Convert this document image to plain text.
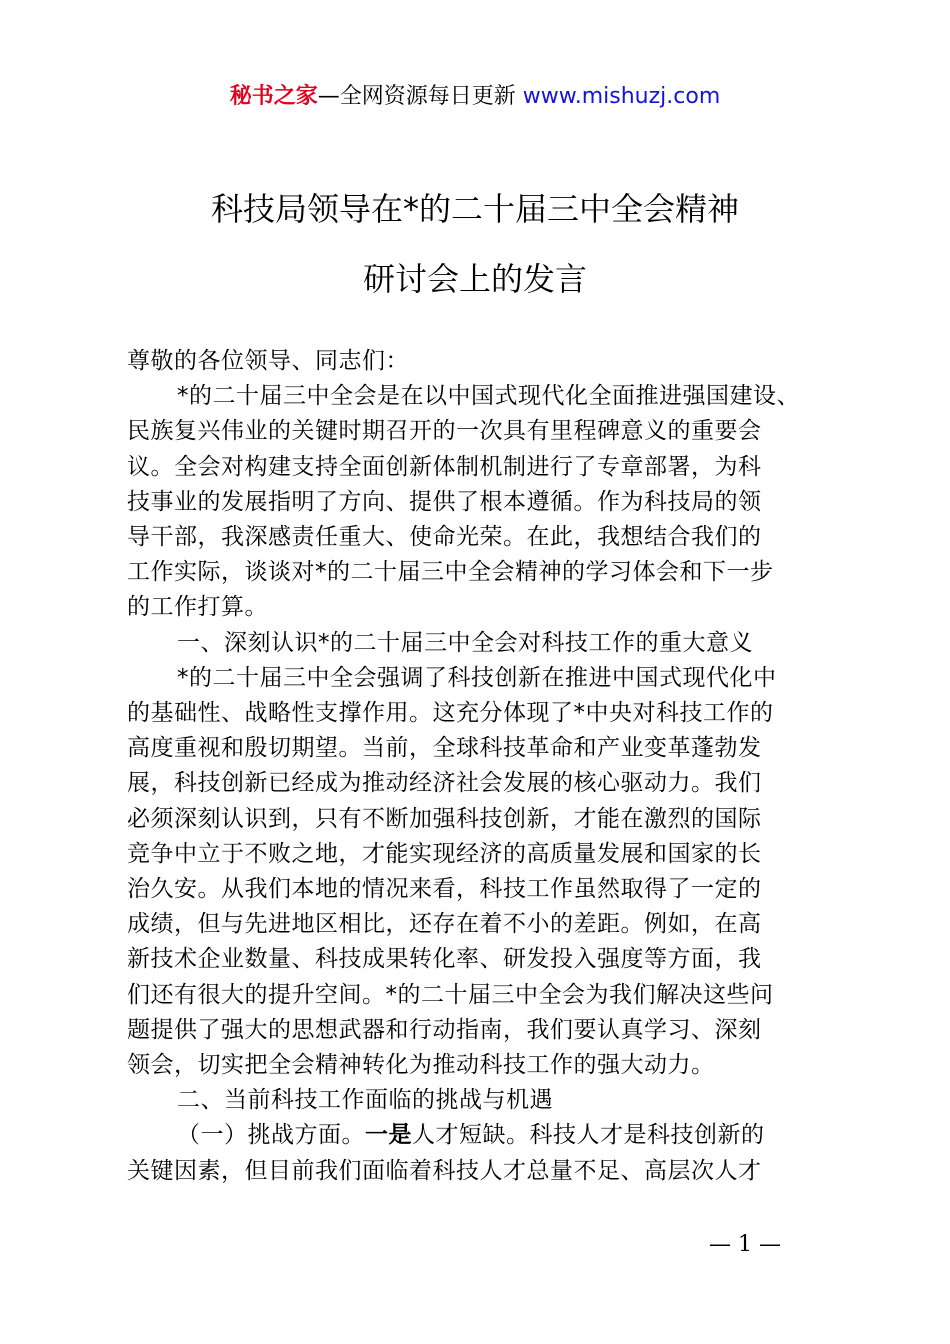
秘书之家—全网资源每日更新 www.mishuzj.com
科技局领导在*的二十届三中全会精神
研讨会上的发言

尊敬的各位领导、同志们：

*的二十届三中全会是在以中国式现代化全面推进强国建设、

民族复兴伟业的关键时期召开的一次具有里程碑意义的重要会

议。全会对构建支持全面创新体制机制进行了专章部署，为科

技事业的发展指明了方向、提供了根本遵循。作为科技局的领

导干部，我深感责任重大、使命光荣。在此，我想结合我们的

工作实际，谈谈对*的二十届三中全会精神的学习体会和下一步

的工作打算。

一、深刻认识*的二十届三中全会对科技工作的重大意义

*的二十届三中全会强调了科技创新在推进中国式现代化中

的基础性、战略性支撑作用。这充分体现了*中央对科技工作的

高度重视和殷切期望。当前，全球科技革命和产业变革蓬勃发

展，科技创新已经成为推动经济社会发展的核心驱动力。我们

必须深刻认识到，只有不断加强科技创新，才能在激烈的国际

竞争中立于不败之地，才能实现经济的高质量发展和国家的长

治久安。从我们本地的情况来看，科技工作虽然取得了一定的

成绩，但与先进地区相比，还存在着不小的差距。例如，在高

新技术企业数量、科技成果转化率、研发投入强度等方面，我

们还有很大的提升空间。*的二十届三中全会为我们解决这些问

题提供了强大的思想武器和行动指南，我们要认真学习、深刻

领会，切实把全会精神转化为推动科技工作的强大动力。

二、当前科技工作面临的挑战与机遇

（一）挑战方面。一是人才短缺。科技人才是科技创新的

关键因素，但目前我们面临着科技人才总量不足、高层次人才

— 1 —
